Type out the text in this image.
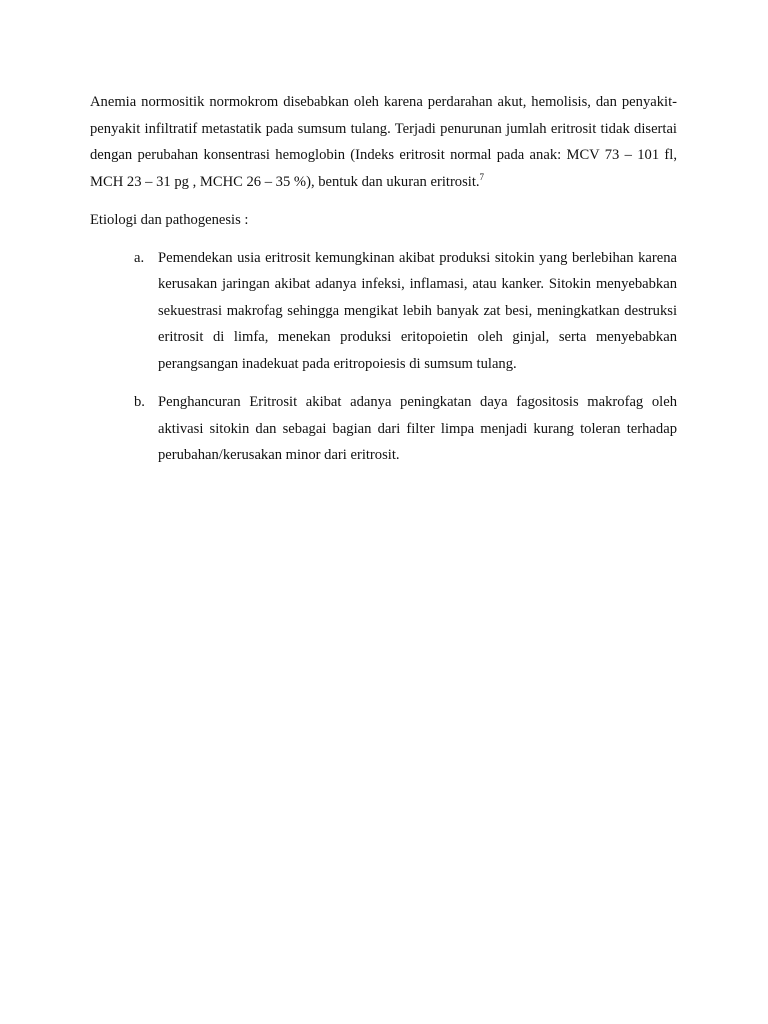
Anemia normositik normokrom disebabkan oleh karena perdarahan akut, hemolisis, dan penyakit-penyakit infiltratif metastatik pada sumsum tulang. Terjadi penurunan jumlah eritrosit tidak disertai dengan perubahan konsentrasi hemoglobin (Indeks eritrosit normal pada anak: MCV 73 – 101 fl, MCH 23 – 31 pg , MCHC 26 – 35 %), bentuk dan ukuran eritrosit.$^7$

Etiologi dan pathogenesis :

a. Pemendekan usia eritrosit kemungkinan akibat produksi sitokin yang berlebihan karena kerusakan jaringan akibat adanya infeksi, inflamasi, atau kanker. Sitokin menyebabkan sekuestrasi makrofag sehingga mengikat lebih banyak zat besi, meningkatkan destruksi eritrosit di limfa, menekan produksi eritopoietin oleh ginjal, serta menyebabkan perangsangan inadekuat pada eritropoiesis di sumsum tulang.
b. Penghancuran Eritrosit akibat adanya peningkatan daya fagositosis makrofag oleh aktivasi sitokin dan sebagai bagian dari filter limpa menjadi kurang toleran terhadap perubahan/kerusakan minor dari eritrosit.
